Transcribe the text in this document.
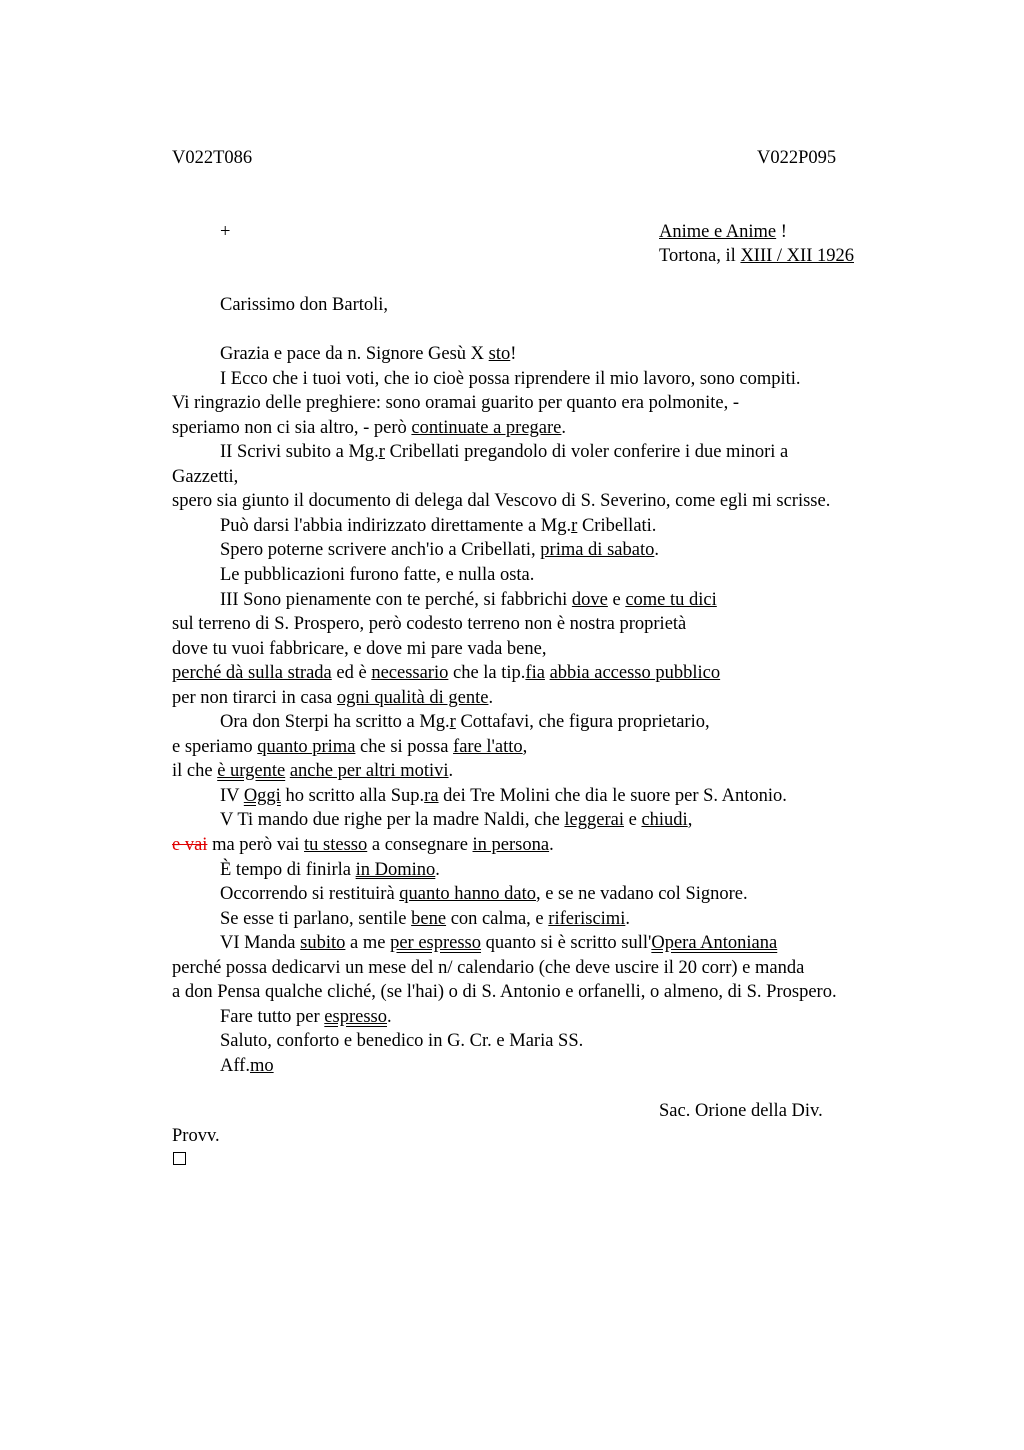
V022T086	V022P095
+	Anime e Anime !
Tortona, il XIII / XII 1926
Carissimo don Bartoli,
Grazia e pace da n. Signore Gesù X sto!
I Ecco che i tuoi voti, che io cioè possa riprendere il mio lavoro, sono compiti.
Vi ringrazio delle preghiere: sono oramai guarito per quanto era polmonite, -
speriamo non ci sia altro, - però continuate a pregare.
II Scrivi subito a Mg.r Cribellati pregandolo di voler conferire i due minori a
Gazzetti,
spero sia giunto il documento di delega dal Vescovo di S. Severino, come egli mi scrisse.
Può darsi l'abbia indirizzato direttamente a Mg.r Cribellati.
Spero poterne scrivere anch'io a Cribellati, prima di sabato.
Le pubblicazioni furono fatte, e nulla osta.
III Sono pienamente con te perché, si fabbrichi dove e come tu dici
sul terreno di S. Prospero, però codesto terreno non è nostra proprietà
dove tu vuoi fabbricare, e dove mi pare vada bene,
perché dà sulla strada ed è necessario che la tip.fia abbia accesso pubblico
per non tirarci in casa ogni qualità di gente.
Ora don Sterpi ha scritto a Mg.r Cottafavi, che figura proprietario,
e speriamo quanto prima che si possa fare l'atto,
il che è urgente anche per altri motivi.
IV Oggi ho scritto alla Sup.ra dei Tre Molini che dia le suore per S. Antonio.
V Ti mando due righe per la madre Naldi, che leggerai e chiudi,
e vai ma però vai tu stesso a consegnare in persona.
È tempo di finirla in Domino.
Occorrendo si restituirà quanto hanno dato, e se ne vadano col Signore.
Se esse ti parlano, sentile bene con calma, e riferiscimi.
VI Manda subito a me per espresso quanto si è scritto sull'Opera Antoniana
perché possa dedicarvi un mese del n/ calendario (che deve uscire il 20 corr) e manda
a don Pensa qualche cliché, (se l'hai) o di S. Antonio e orfanelli, o almeno, di S. Prospero.
Fare tutto per espresso.
Saluto, conforto e benedico in G. Cr. e Maria SS.
Aff.mo
Sac. Orione della Div.
Provv.
